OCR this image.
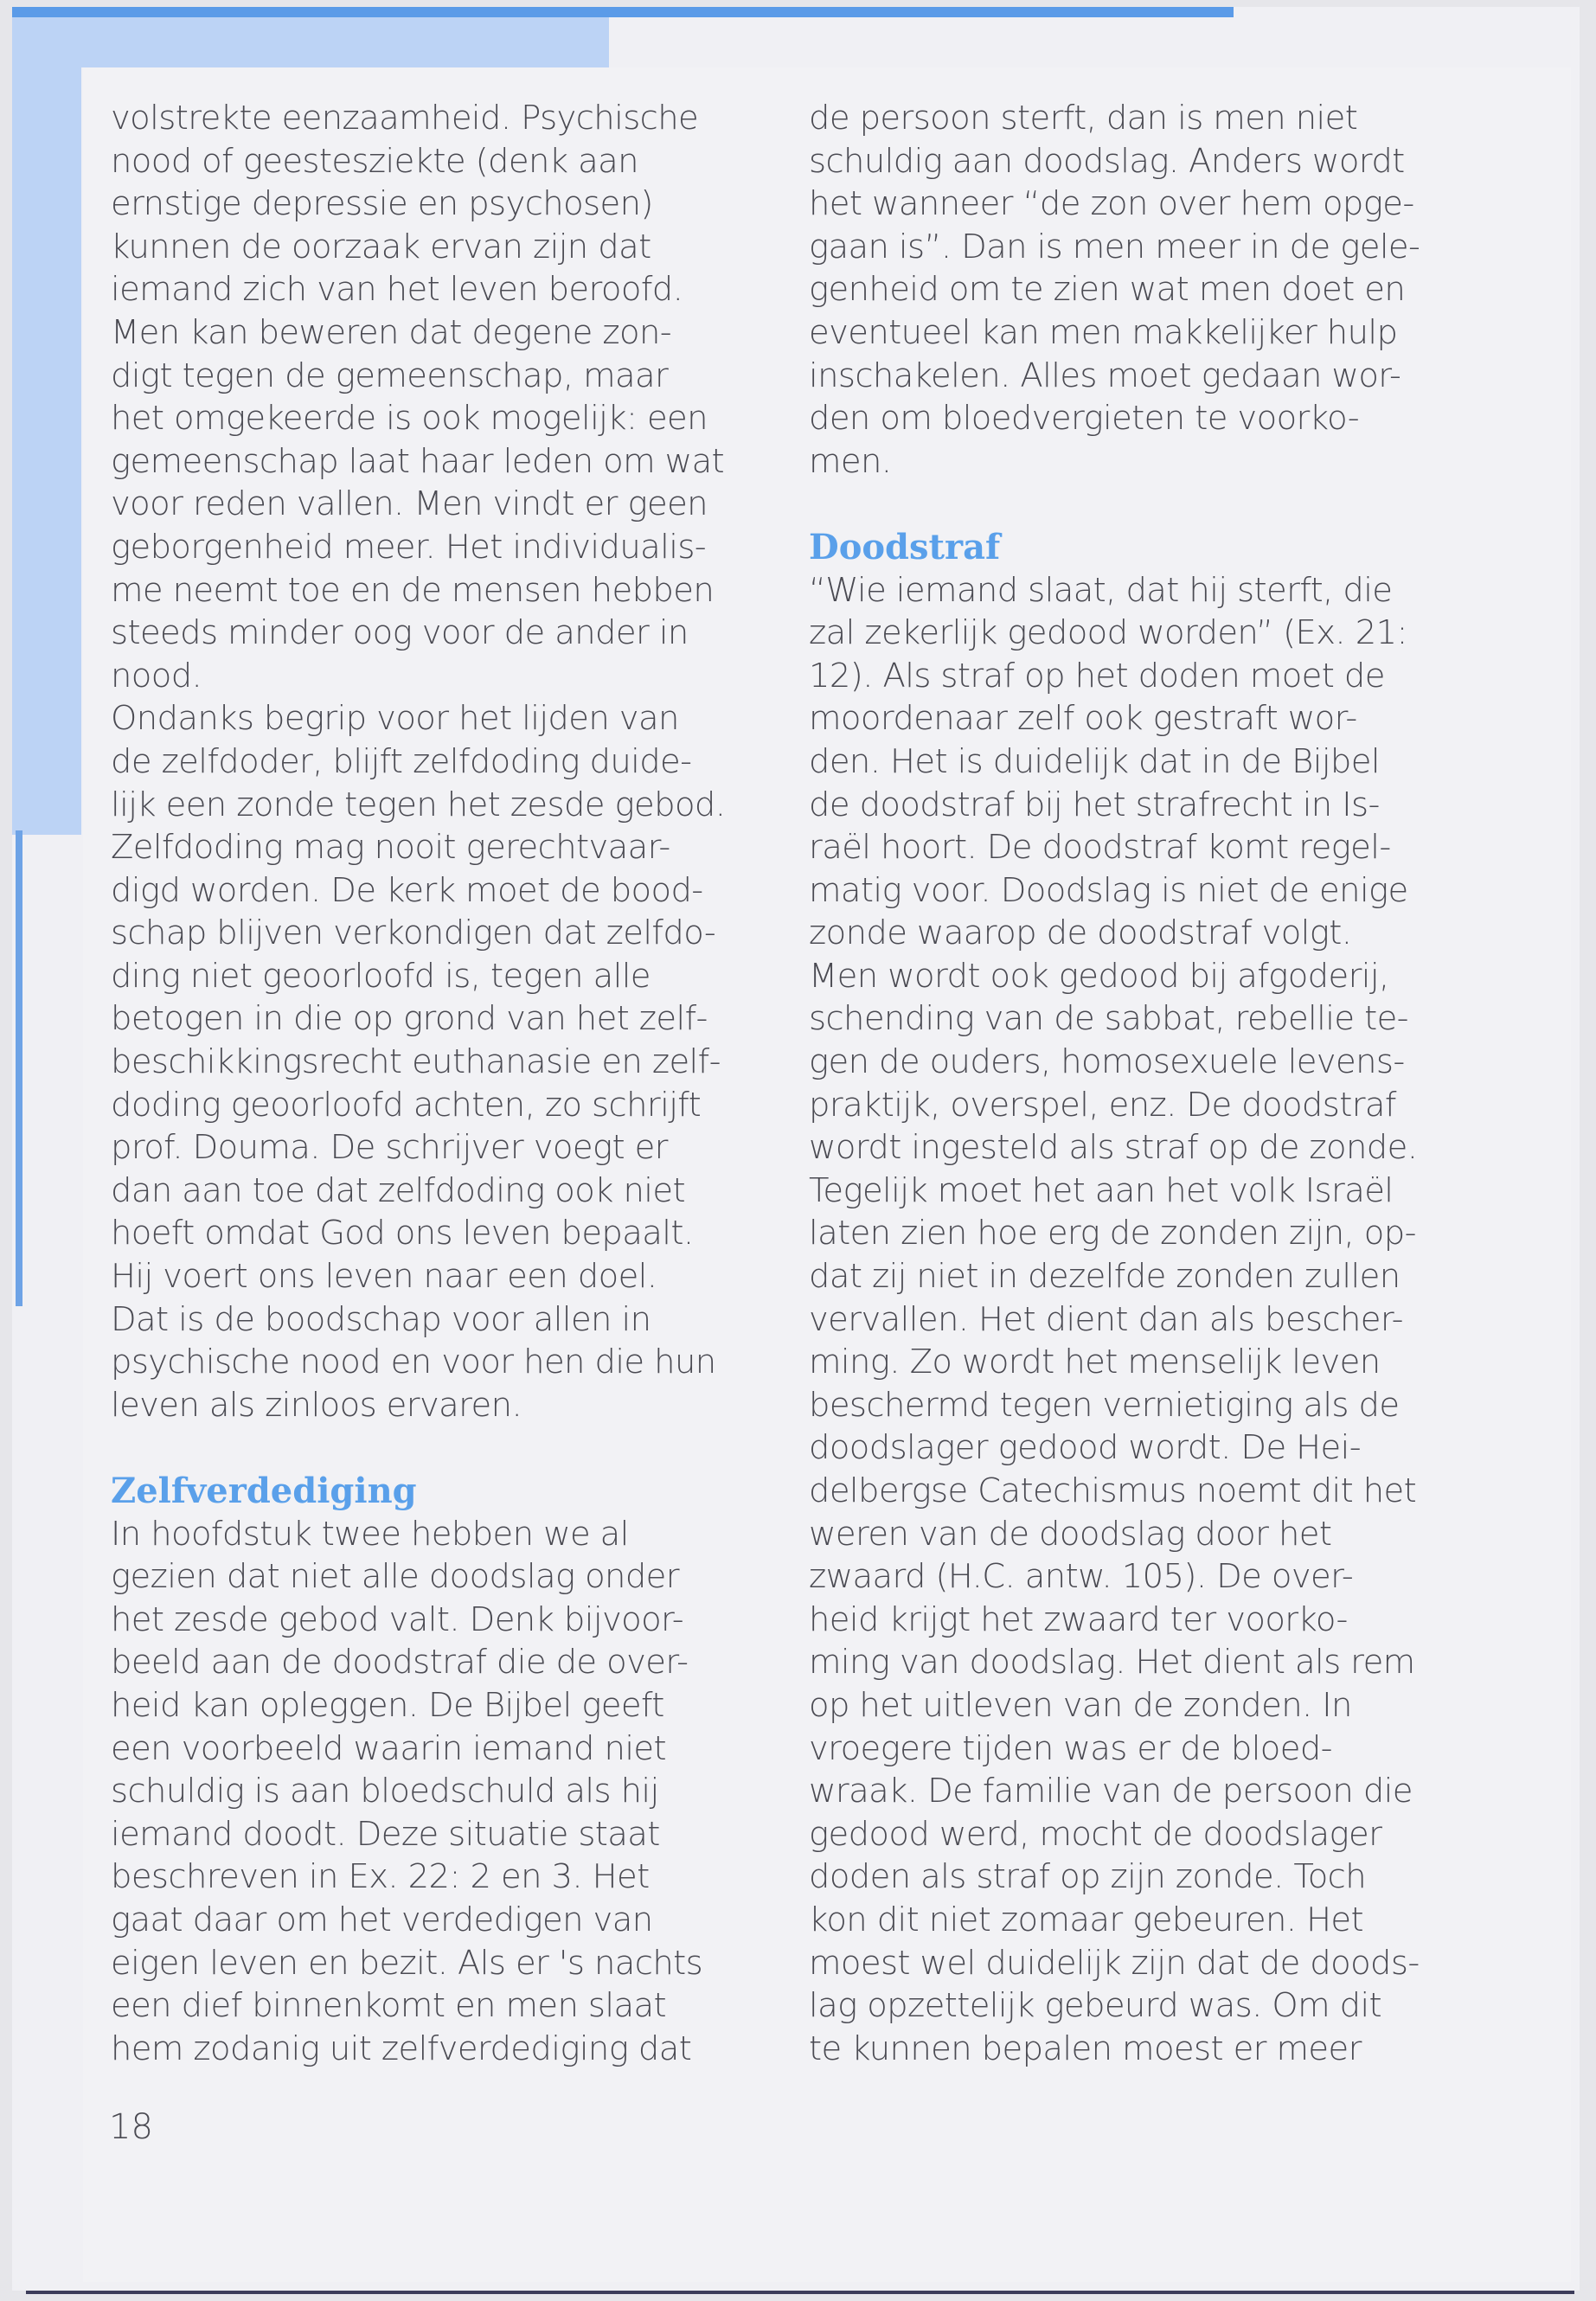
volstrekte eenzaamheid. Psychische
nood of geestesziekte (denk aan
ernstige depressie en psychosen)
kunnen de oorzaak ervan zijn dat
iemand zich van het leven beroofd.
Men kan beweren dat degene zon-
digt tegen de gemeenschap, maar
het omgekeerde is ook mogelijk: een
gemeenschap laat haar leden om wat
voor reden vallen. Men vindt er geen
geborgenheid meer. Het individualis-
me neemt toe en de mensen hebben
steeds minder oog voor de ander in
nood.
Ondanks begrip voor het lijden van
de zelfdoder, blijft zelfdoding duide-
lijk een zonde tegen het zesde gebod.
Zelfdoding mag nooit gerechtvaar-
digd worden. De kerk moet de bood-
schap blijven verkondigen dat zelfdo-
ding niet geoorloofd is, tegen alle
betogen in die op grond van het zelf-
beschikkingsrecht euthanasie en zelf-
doding geoorloofd achten, zo schrijft
prof. Douma. De schrijver voegt er
dan aan toe dat zelfdoding ook niet
hoeft omdat God ons leven bepaalt.
Hij voert ons leven naar een doel.
Dat is de boodschap voor allen in
psychische nood en voor hen die hun
leven als zinloos ervaren.
Zelfverdediging
In hoofdstuk twee hebben we al
gezien dat niet alle doodslag onder
het zesde gebod valt. Denk bijvoor-
beeld aan de doodstraf die de over-
heid kan opleggen. De Bijbel geeft
een voorbeeld waarin iemand niet
schuldig is aan bloedschuld als hij
iemand doodt. Deze situatie staat
beschreven in Ex. 22: 2 en 3. Het
gaat daar om het verdedigen van
eigen leven en bezit. Als er 's nachts
een dief binnenkomt en men slaat
hem zodanig uit zelfverdediging dat
de persoon sterft, dan is men niet
schuldig aan doodslag. Anders wordt
het wanneer “de zon over hem opge-
gaan is”. Dan is men meer in de gele-
genheid om te zien wat men doet en
eventueel kan men makkelijker hulp
inschakelen. Alles moet gedaan wor-
den om bloedvergieten te voorko-
men.
Doodstraf
“Wie iemand slaat, dat hij sterft, die
zal zekerlijk gedood worden” (Ex. 21:
12). Als straf op het doden moet de
moordenaar zelf ook gestraft wor-
den. Het is duidelijk dat in de Bijbel
de doodstraf bij het strafrecht in Is-
raël hoort. De doodstraf komt regel-
matig voor. Doodslag is niet de enige
zonde waarop de doodstraf volgt.
Men wordt ook gedood bij afgoderij,
schending van de sabbat, rebellie te-
gen de ouders, homosexuele levens-
praktijk, overspel, enz. De doodstraf
wordt ingesteld als straf op de zonde.
Tegelijk moet het aan het volk Israël
laten zien hoe erg de zonden zijn, op-
dat zij niet in dezelfde zonden zullen
vervallen. Het dient dan als bescher-
ming. Zo wordt het menselijk leven
beschermd tegen vernietiging als de
doodslager gedood wordt. De Hei-
delbergse Catechismus noemt dit het
weren van de doodslag door het
zwaard (H.C. antw. 105). De over-
heid krijgt het zwaard ter voorko-
ming van doodslag. Het dient als rem
op het uitleven van de zonden. In
vroegere tijden was er de bloed-
wraak. De familie van de persoon die
gedood werd, mocht de doodslager
doden als straf op zijn zonde. Toch
kon dit niet zomaar gebeuren. Het
moest wel duidelijk zijn dat de doods-
lag opzettelijk gebeurd was. Om dit
te kunnen bepalen moest er meer
18
